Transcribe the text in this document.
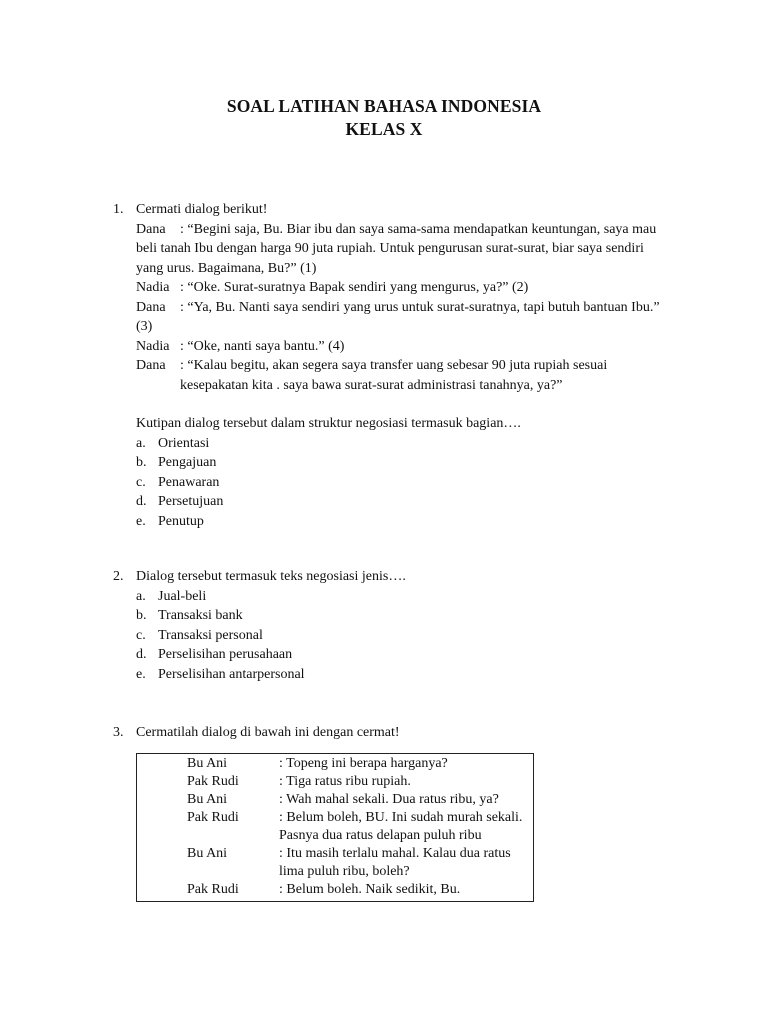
SOAL LATIHAN BAHASA INDONESIA
KELAS X
1. Cermati dialog berikut!
Dana	: “Begini saja, Bu. Biar ibu dan saya sama-sama mendapatkan keuntungan, saya mau beli tanah Ibu dengan harga 90 juta rupiah. Untuk pengurusan surat-surat, biar saya sendiri yang urus. Bagaimana, Bu?” (1)
Nadia : “Oke. Surat-suratnya Bapak sendiri yang mengurus, ya?” (2)
Dana	: “Ya, Bu. Nanti saya sendiri yang urus untuk surat-suratnya, tapi butuh bantuan Ibu.” (3)
Nadia : “Oke, nanti saya bantu.” (4)
Dana	: “Kalau begitu, akan segera saya transfer uang sebesar 90 juta rupiah sesuai kesepakatan kita . saya bawa surat-surat administrasi tanahnya, ya?”
Kutipan dialog tersebut dalam struktur negosiasi termasuk bagian….
a. Orientasi
b. Pengajuan
c. Penawaran
d. Persetujuan
e. Penutup
2. Dialog tersebut termasuk teks negosiasi jenis….
a. Jual-beli
b. Transaksi bank
c. Transaksi personal
d. Perselisihan perusahaan
e. Perselisihan antarpersonal
3. Cermatilah dialog di bawah ini dengan cermat!
Bu Ani	: Topeng ini berapa harganya?
Pak Rudi	: Tiga ratus ribu rupiah.
Bu Ani	: Wah mahal sekali. Dua ratus ribu, ya?
Pak Rudi	: Belum boleh, BU. Ini sudah murah sekali. Pasnya dua ratus delapan puluh ribu
Bu Ani	: Itu masih terlalu mahal. Kalau dua ratus lima puluh ribu, boleh?
Pak Rudi	: Belum boleh. Naik sedikit, Bu.
